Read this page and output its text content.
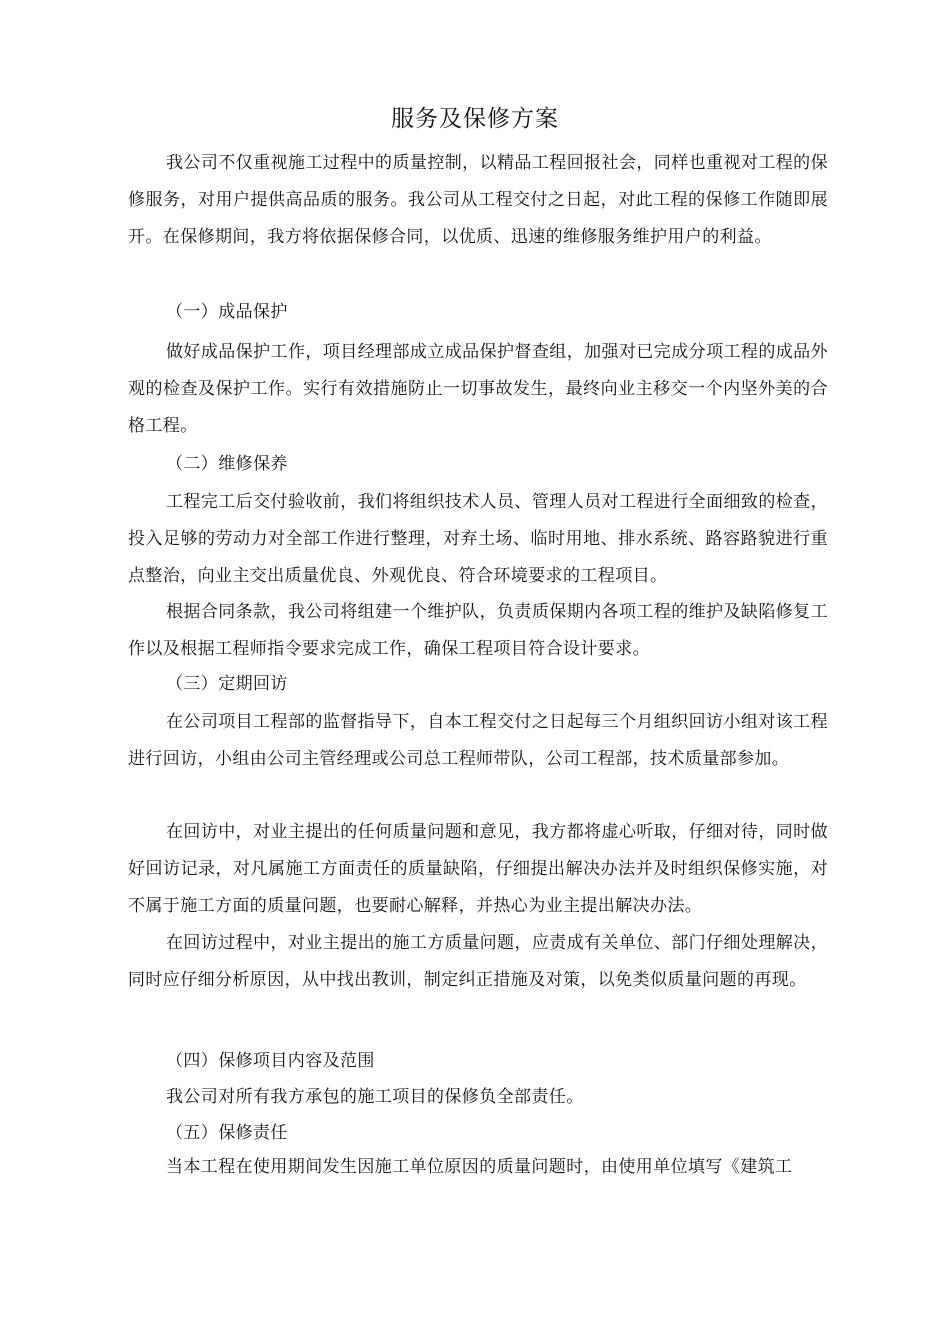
服务及保修方案

我公司不仅重视施工过程中的质量控制，以精品工程回报社会，同样也重视对工程的保修服务，对用户提供高品质的服务。我公司从工程交付之日起，对此工程的保修工作随即展开。在保修期间，我方将依据保修合同，以优质、迅速的维修服务维护用户的利益。

（一）成品保护

做好成品保护工作，项目经理部成立成品保护督查组，加强对已完成分项工程的成品外观的检查及保护工作。实行有效措施防止一切事故发生，最终向业主移交一个内坚外美的合格工程。

（二）维修保养

工程完工后交付验收前，我们将组织技术人员、管理人员对工程进行全面细致的检查，投入足够的劳动力对全部工作进行整理，对弃土场、临时用地、排水系统、路容路貌进行重点整治，向业主交出质量优良、外观优良、符合环境要求的工程项目。

根据合同条款，我公司将组建一个维护队，负责质保期内各项工程的维护及缺陷修复工作以及根据工程师指令要求完成工作，确保工程项目符合设计要求。

（三）定期回访

在公司项目工程部的监督指导下，自本工程交付之日起每三个月组织回访小组对该工程进行回访，小组由公司主管经理或公司总工程师带队，公司工程部，技术质量部参加。

在回访中，对业主提出的任何质量问题和意见，我方都将虚心听取，仔细对待，同时做好回访记录，对凡属施工方面责任的质量缺陷，仔细提出解决办法并及时组织保修实施，对不属于施工方面的质量问题，也要耐心解释，并热心为业主提出解决办法。

在回访过程中，对业主提出的施工方质量问题，应责成有关单位、部门仔细处理解决，同时应仔细分析原因，从中找出教训，制定纠正措施及对策，以免类似质量问题的再现。

（四）保修项目内容及范围

我公司对所有我方承包的施工项目的保修负全部责任。

（五）保修责任

当本工程在使用期间发生因施工单位原因的质量问题时，由使用单位填写《建筑工
